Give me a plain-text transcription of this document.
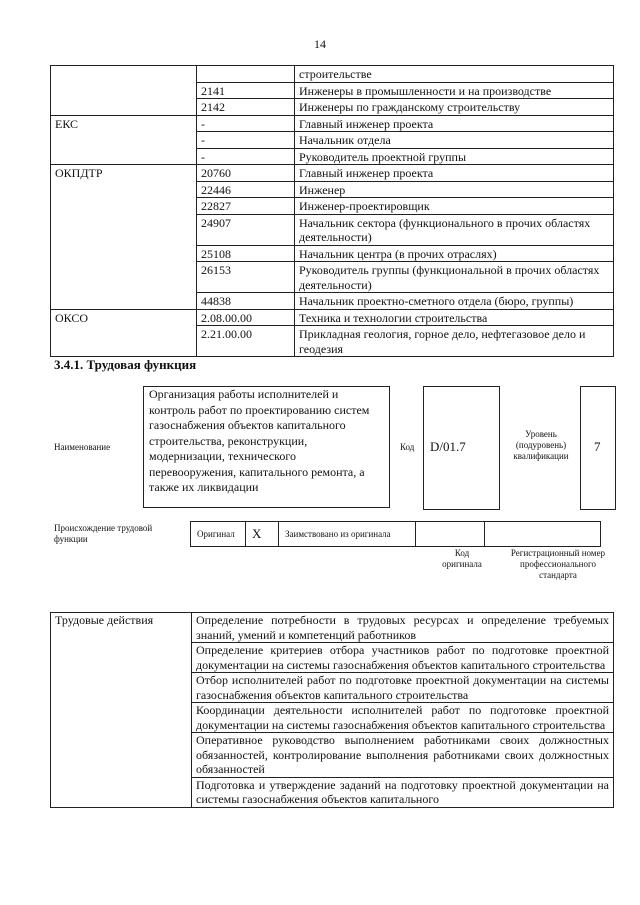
14
		строительстве
	2141	Инженеры в промышленности и на производстве
	2142	Инженеры по гражданскому строительству
ЕКС	-	Главный инженер проекта
	-	Начальник отдела
	-	Руководитель проектной группы
ОКПДТР	20760	Главный инженер проекта
	22446	Инженер
	22827	Инженер-проектировщик
	24907	Начальник сектора (функционального в прочих областях деятельности)
	25108	Начальник центра (в прочих отраслях)
	26153	Руководитель группы (функциональной в прочих областях деятельности)
	44838	Начальник проектно-сметного отдела (бюро, группы)
ОКСО	2.08.00.00	Техника и технологии строительства
	2.21.00.00	Прикладная геология, горное дело, нефтегазовое дело и геодезия
3.4.1. Трудовая функция
Наименование
Организация работы исполнителей и контроль работ по проектированию систем газоснабжения объектов капитального строительства, реконструкции, модернизации, технического перевооружения, капитального ремонта, а также их ликвидации
Код D/01.7
Уровень (подуровень) квалификации
7
Происхождение трудовой функции	Оригинал	X	Заимствовано из оригинала		
Код оригинала
Регистрационный номер профессионального стандарта
Трудовые действия	Определение потребности в трудовых ресурсах и определение требуемых знаний, умений и компетенций работников
Определение критериев отбора участников работ по подготовке проектной документации на системы газоснабжения объектов капитального строительства
Отбор исполнителей работ по подготовке проектной документации на системы газоснабжения объектов капитального строительства
Координации деятельности исполнителей работ по подготовке проектной документации на системы газоснабжения объектов капитального строительства
Оперативное руководство выполнением работниками своих должностных обязанностей, контролирование выполнения работниками своих должностных обязанностей
Подготовка и утверждение заданий на подготовку проектной документации на системы газоснабжения объектов капитального
